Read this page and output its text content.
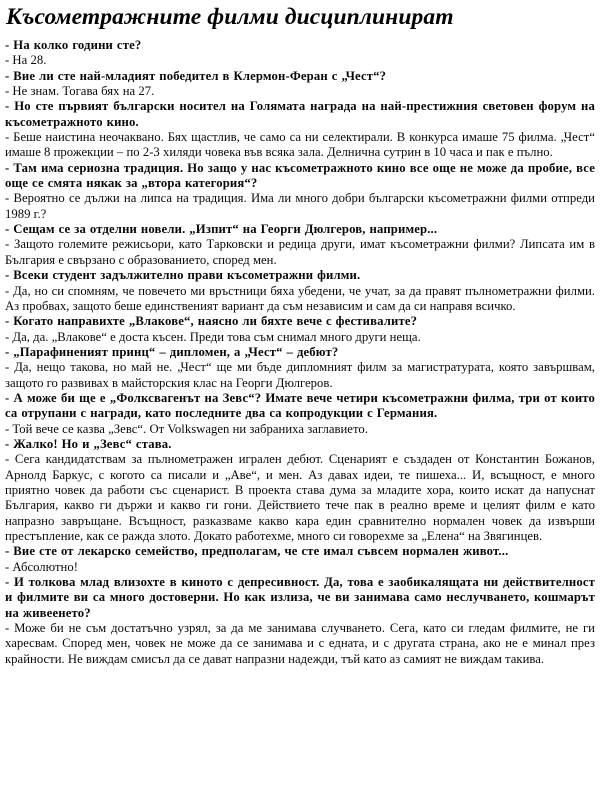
Късометражните филми дисциплинират

- На колко години сте?

- На 28.

- Вие ли сте най-младият победител в Клермон-Феран с „Чест“?

- Не знам. Тогава бях на 27.

- Но сте първият български носител на Голямата награда на най-престижния световен форум на късометражното кино.

- Беше наистина неочаквано. Бях щастлив, че само са ни селектирали. В конкурса имаше 75 филма. „Чест“ имаше 8 прожекции – по 2-3 хиляди човека във всяка зала. Делничнa сутрин в 10 часа и пак е пълно.

- Там има сериозна традиция. Но защо у нас късометражното кино все още не може да пробие, все още се смята някак за „втора категория“?

- Вероятно се дължи на липса на традиция. Има ли много добри български късометражни филми отпреди 1989 г.?

- Сещам се за отделни новели. „Изпит“ на Георги Дюлгеров, например...

- Защото големите режисьори, като Тарковски и редица други, имат късометражни филми? Липсата им в България е свързано с образованието, според мен.

- Всеки студент задължително прави късометражни филми.

- Да, но си спомням, че повечето ми връстници бяха убедени, че учат, за да правят пълнометражни филми. Аз пробвах, защото беше единственият вариант да съм независим и сам да си направя всичко.

- Когато направихте „Влакове“, наясно ли бяхте вече с фестивалите?

- Да, да. „Влакове“ е доста късен. Преди това съм снимал много други неща.

- „Парафиненият принц“ – дипломен, а „Чест“ – дебют?

- Да, нещо такова, но май не. „Чест“ ще ми бъде дипломният филм за магистратурата, която завършвам, защото го развивах в майсторския клас на Георги Дюлгеров.

- А може би ще е „Фолксвагенът на Зевс“? Имате вече четири късометражни филма, три от които са отрупани с награди, като последните два са копродукции с Германия.

- Той вече се казва „Зевс“. От Volkswagen ни забраниха заглавието.

- Жалко! Но и „Зевс“ става.

- Сега кандидатствам за пълнометражен игрален дебют. Сценарият е създаден от Константин Божанов, Арнолд Баркус, с когото са писали и „Аве“, и мен. Аз давах идеи, те пишеха... И, всъщност, е много приятно човек да работи със сценарист. В проекта става дума за младите хора, които искат да напуснат България, какво ги държи и какво ги гони. Действието тече пак в реално време и целият филм е като напразно завръщане. Всъщност, разказваме какво кара един сравнително нормален човек да извърши престъпление, как се ражда злото. Докато работехме, много си говорехме за „Елена“ на Звягинцев.

- Вие сте от лекарско семейство, предполагам, че сте имал съвсем нормален живот...

- Абсолютно!

- И толкова млад влизохте в киното с депресивност. Да, това е заобикалящата ни действителност и филмите ви са много достоверни. Но как излиза, че ви занимава само неслучването, кошмарът на живеенето?

- Може би не съм достатъчно узрял, за да ме занимава случването. Сега, като си гледам филмите, не ги харесвам. Според мен, човек не може да се занимава и с едната, и с другата страна, ако не е минал през крайности. Не виждам смисъл да се дават напразни надежди, тъй като аз самият не виждам такива.
